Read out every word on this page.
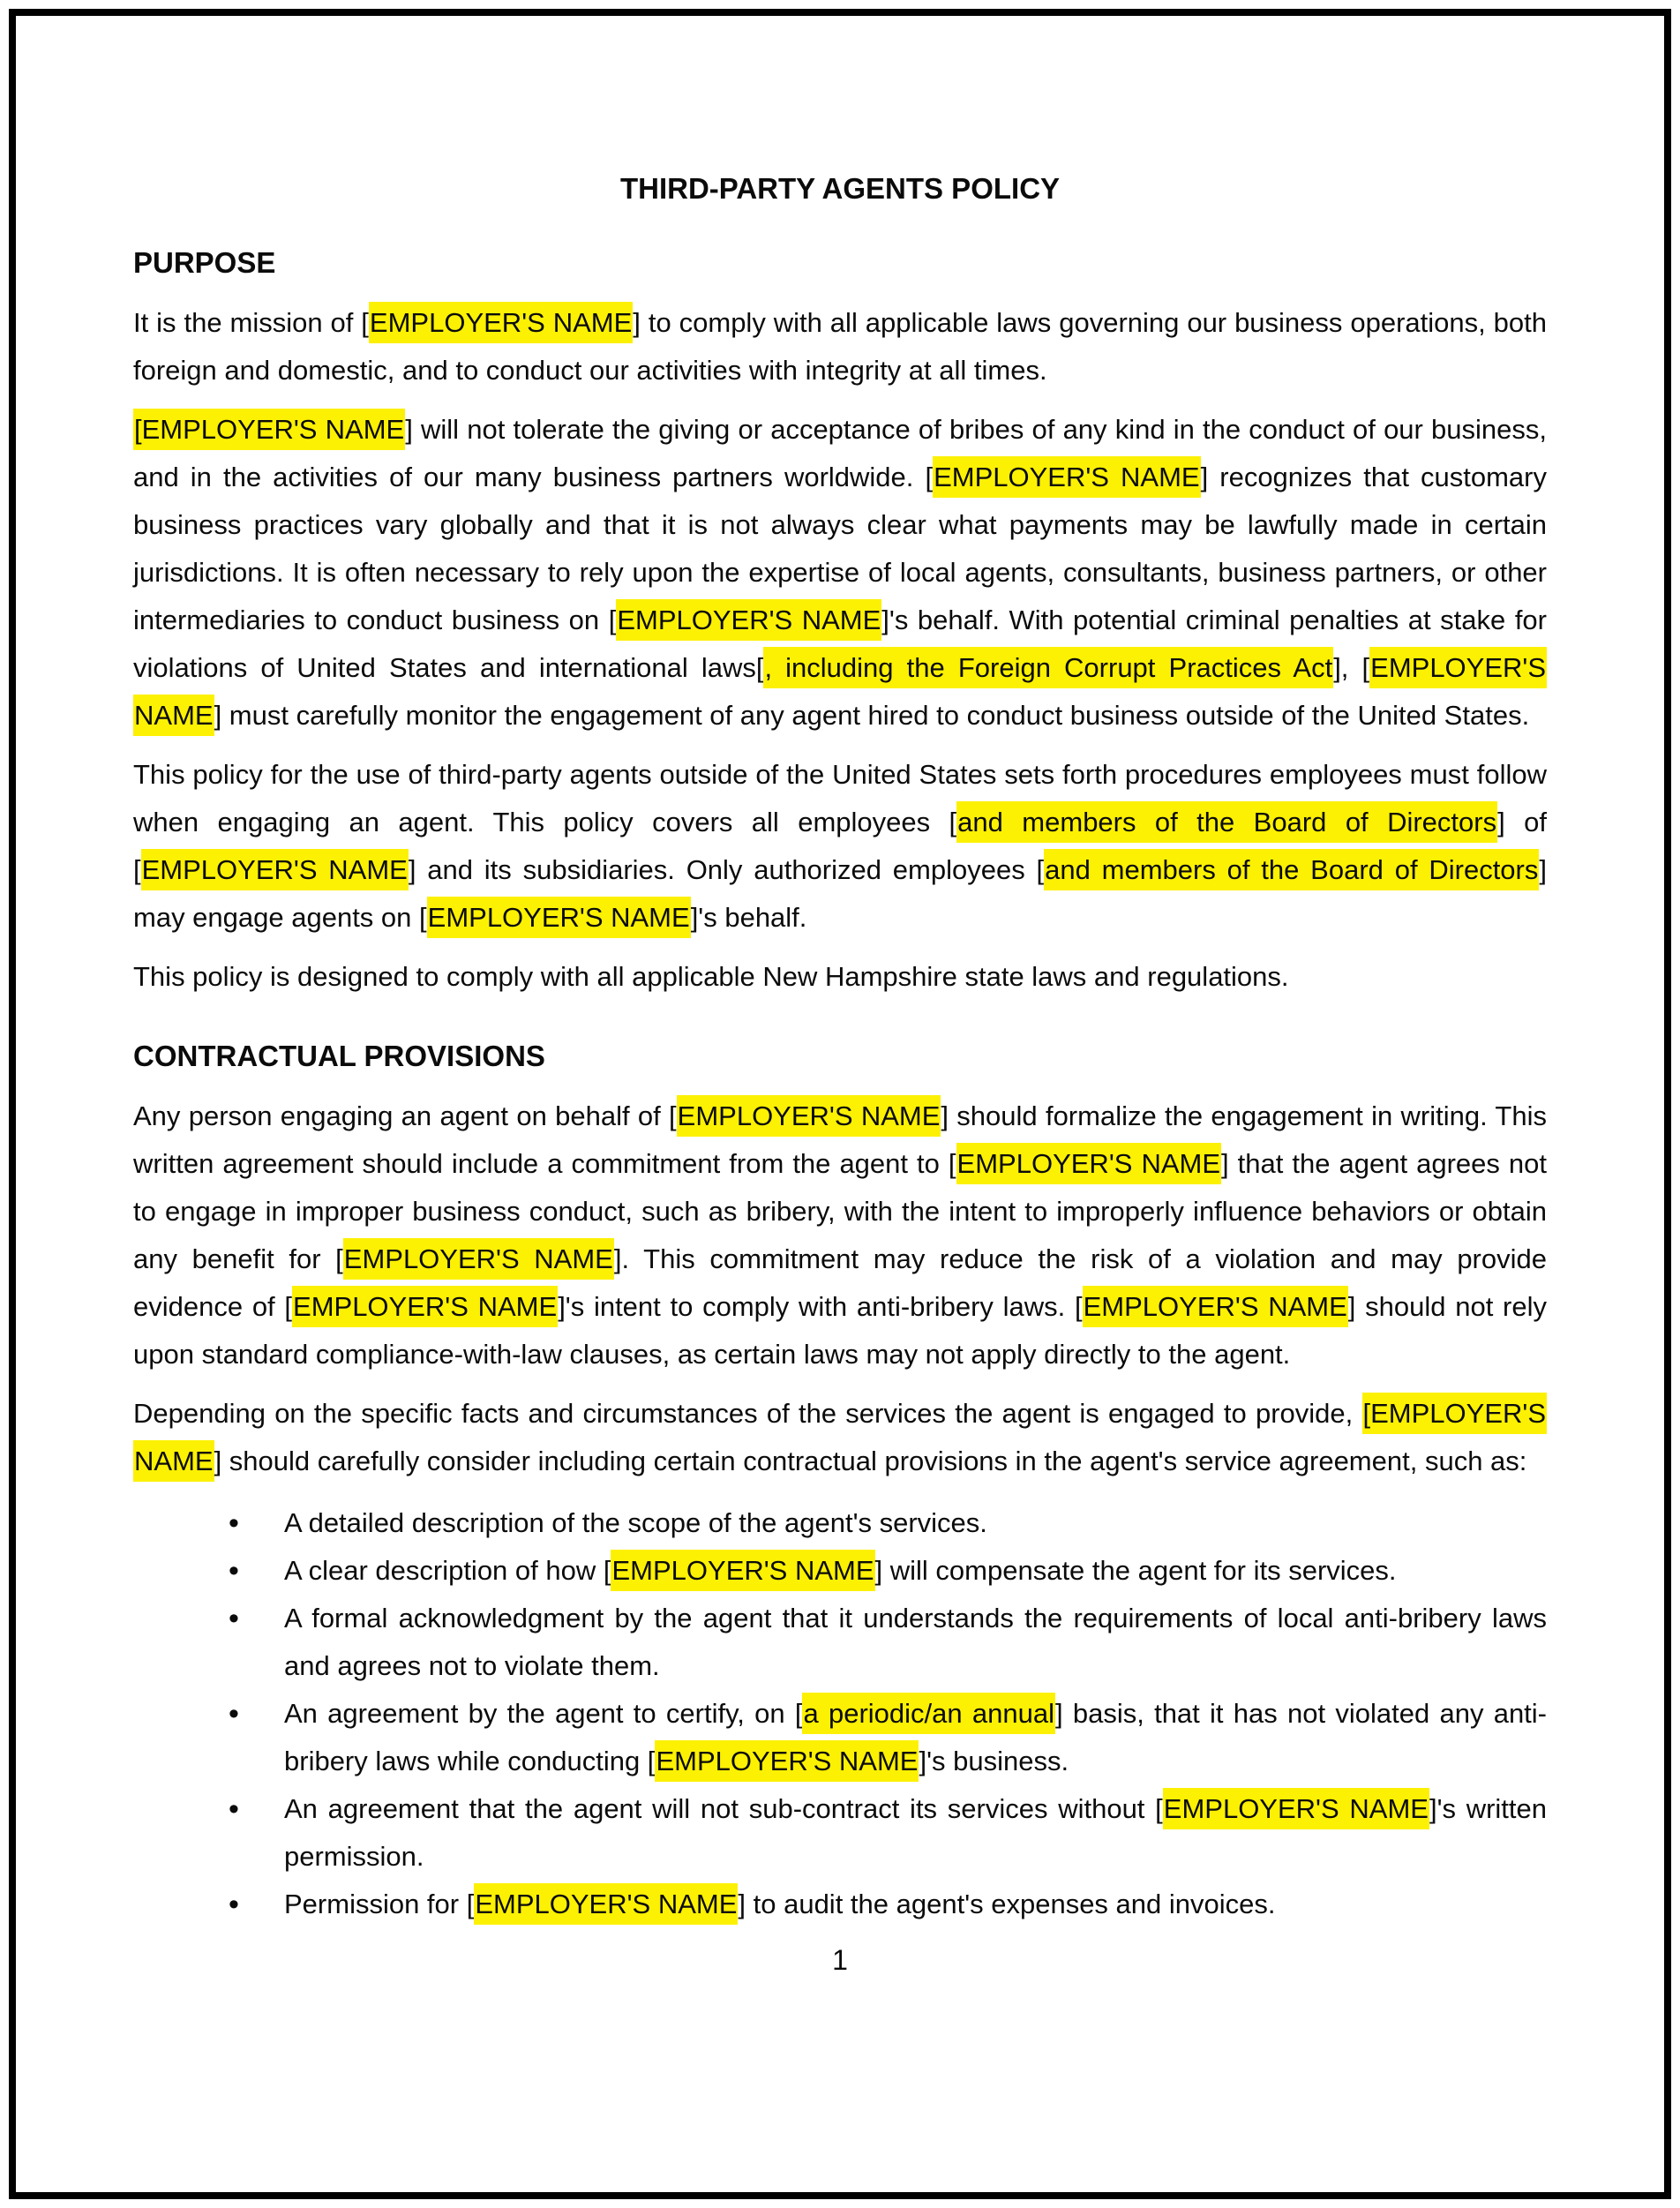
THIRD-PARTY AGENTS POLICY
PURPOSE

It is the mission of [EMPLOYER'S NAME] to comply with all applicable laws governing our business operations, both foreign and domestic, and to conduct our activities with integrity at all times.

[EMPLOYER'S NAME] will not tolerate the giving or acceptance of bribes of any kind in the conduct of our business, and in the activities of our many business partners worldwide. [EMPLOYER'S NAME] recognizes that customary business practices vary globally and that it is not always clear what payments may be lawfully made in certain jurisdictions. It is often necessary to rely upon the expertise of local agents, consultants, business partners, or other intermediaries to conduct business on [EMPLOYER'S NAME]'s behalf. With potential criminal penalties at stake for violations of United States and international laws[, including the Foreign Corrupt Practices Act], [EMPLOYER'S NAME] must carefully monitor the engagement of any agent hired to conduct business outside of the United States.

This policy for the use of third-party agents outside of the United States sets forth procedures employees must follow when engaging an agent. This policy covers all employees [and members of the Board of Directors] of [EMPLOYER'S NAME] and its subsidiaries. Only authorized employees [and members of the Board of Directors] may engage agents on [EMPLOYER'S NAME]'s behalf.

This policy is designed to comply with all applicable New Hampshire state laws and regulations.

CONTRACTUAL PROVISIONS

Any person engaging an agent on behalf of [EMPLOYER'S NAME] should formalize the engagement in writing. This written agreement should include a commitment from the agent to [EMPLOYER'S NAME] that the agent agrees not to engage in improper business conduct, such as bribery, with the intent to improperly influence behaviors or obtain any benefit for [EMPLOYER'S NAME]. This commitment may reduce the risk of a violation and may provide evidence of [EMPLOYER'S NAME]'s intent to comply with anti-bribery laws. [EMPLOYER'S NAME] should not rely upon standard compliance-with-law clauses, as certain laws may not apply directly to the agent.

Depending on the specific facts and circumstances of the services the agent is engaged to provide, [EMPLOYER'S NAME] should carefully consider including certain contractual provisions in the agent's service agreement, such as:

• A detailed description of the scope of the agent's services.
• A clear description of how [EMPLOYER'S NAME] will compensate the agent for its services.
• A formal acknowledgment by the agent that it understands the requirements of local anti-bribery laws and agrees not to violate them.
• An agreement by the agent to certify, on [a periodic/an annual] basis, that it has not violated any anti-bribery laws while conducting [EMPLOYER'S NAME]'s business.
• An agreement that the agent will not sub-contract its services without [EMPLOYER'S NAME]'s written permission.
• Permission for [EMPLOYER'S NAME] to audit the agent's expenses and invoices.
1
